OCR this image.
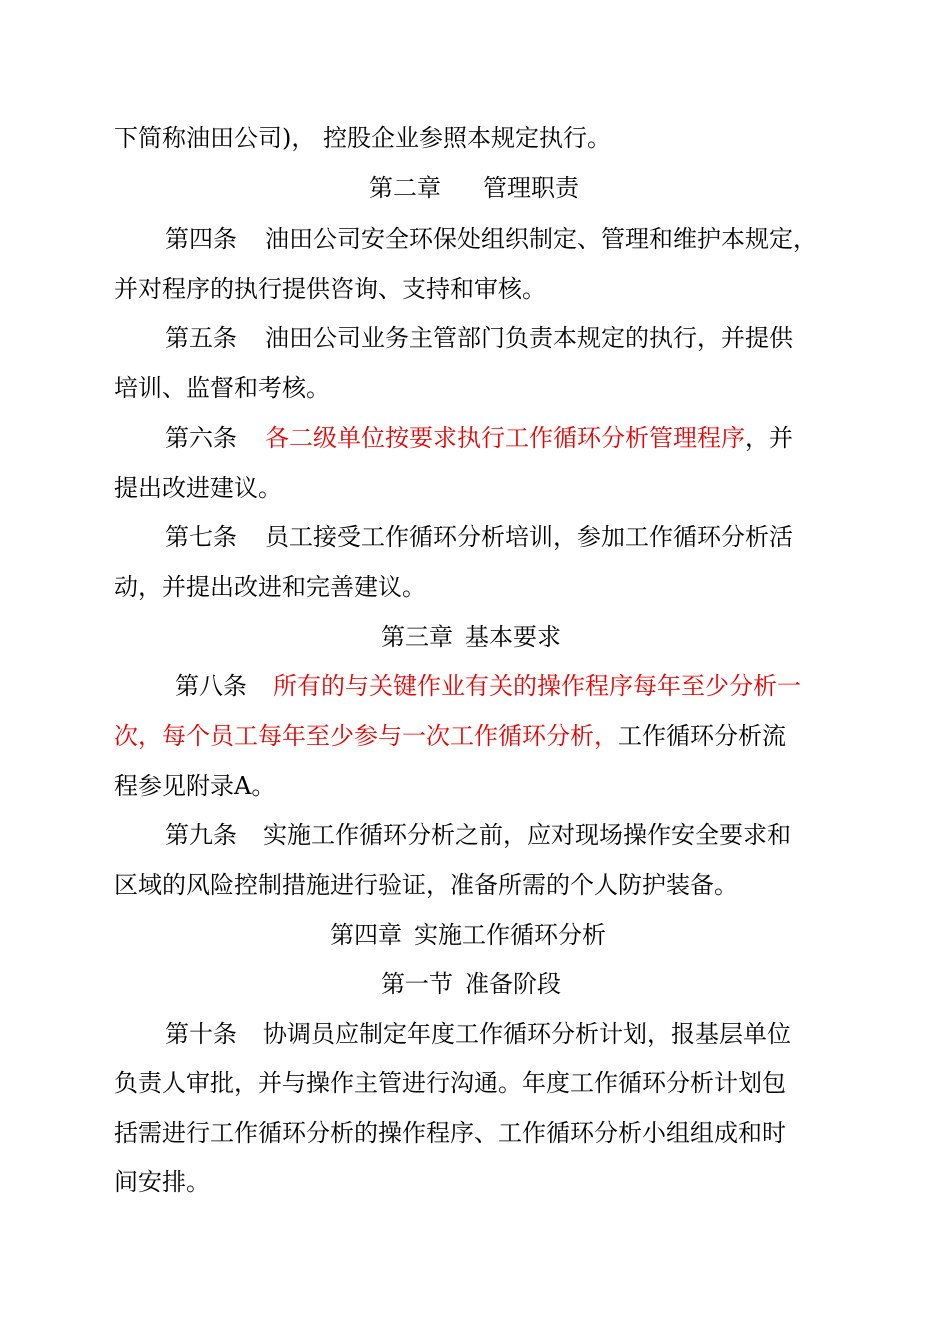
下简称油田公司)， 控股企业参照本规定执行。
第二章 管理职责
第四条 油田公司安全环保处组织制定、管理和维护本规定，
并对程序的执行提供咨询、支持和审核。
第五条 油田公司业务主管部门负责本规定的执行，并提供
培训、监督和考核。
第六条 各二级单位按要求执行工作循环分析管理程序，并
提出改进建议。
第七条 员工接受工作循环分析培训，参加工作循环分析活
动，并提出改进和完善建议。
第三章 基本要求
第八条 所有的与关键作业有关的操作程序每年至少分析一
次，每个员工每年至少参与一次工作循环分析，工作循环分析流
程参见附录A。
第九条 实施工作循环分析之前，应对现场操作安全要求和
区域的风险控制措施进行验证，准备所需的个人防护装备。
第四章 实施工作循环分析
第一节 准备阶段
第十条 协调员应制定年度工作循环分析计划，报基层单位
负责人审批，并与操作主管进行沟通。年度工作循环分析计划包
括需进行工作循环分析的操作程序、工作循环分析小组组成和时
间安排。
